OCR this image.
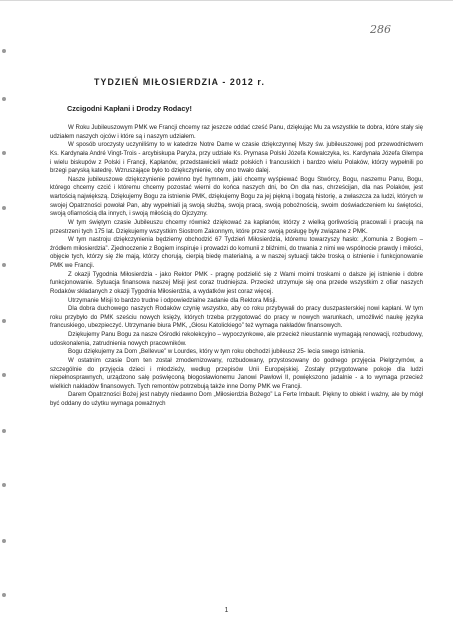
286
TYDZIEŃ MIŁOSIERDZIA - 2012 r.
Czcigodni Kapłani i Drodzy Rodacy!

W Roku Jubileuszowym PMK we Francji chcemy raz jeszcze oddać cześć Panu, dziękując Mu za wszystkie te dobra, które stały się udziałem naszych ojców i które są i naszym udziałem.

W sposób uroczysty uczyniliśmy to w katedrze Notre Dame w czasie dziękczynnej Mszy św. jubileuszowej pod przewodnictwem Ks. Kardynała André Vingt-Trois - arcybiskupa Paryża, przy udziale Ks. Prymasa Polski Józefa Kowalczyka, ks. Kardynała Józefa Glempa i wielu biskupów z Polski i Francji, Kapłanów, przedstawicieli władz polskich i francuskich i bardzo wielu Polaków, którzy wypełnili po brzegi paryską katedrę. Wzruszające było to dziękczynienie, oby ono trwało dalej.

Nasze jubileuszowe dziękczynienie powinno być hymnem, jaki chcemy wyśpiewać Bogu Stwórcy, Bogu, naszemu Panu, Bogu, którego chcemy czcić i któremu chcemy pozostać wierni do końca naszych dni, bo On dla nas, chrześcijan, dla nas Polaków, jest wartością największą. Dziękujemy Bogu za istnienie PMK, dziękujemy Bogu za jej piękną i bogatą historię, a zwłaszcza za ludzi, których w swojej Opatrzności powołał Pan, aby wypełniali ją swoją służbą, swoją pracą, swoją pobożnością, swoim doświadczeniem ku świętości, swoją ofiarnością dla innych, i swoją miłością do Ojczyzny.

W tym świętym czasie Jubileuszu chcemy również dziękować za kapłanów, którzy z wielką gorliwością pracowali i pracują na przestrzeni tych 175 lat. Dziękujemy wszystkim Siostrom Zakonnym, które przez swoją posługę były związane z PMK.

W tym nastroju dziękczynienia będziemy obchodzić 67 Tydzień Miłosierdzia, któremu towarzyszy hasło: „Komunia z Bogiem – źródłem miłosierdzia”. Zjednoczenie z Bogiem inspiruje i prowadzi do komunii z bliźnimi, do trwania z nimi we wspólnocie prawdy i miłości, objęcie tych, którzy się źle mają, którzy chorują, cierpią biedę materialną, a w naszej sytuacji także troską o istnienie i funkcjonowanie PMK we Francji.

Z okazji Tygodnia Miłosierdzia - jako Rektor PMK - pragnę podzielić się z Wami moimi troskami o dalsze jej istnienie i dobre funkcjonowanie. Sytuacja finansowa naszej Misji jest coraz trudniejsza. Przecież utrzymuje się ona przede wszystkim z ofiar naszych Rodaków składanych z okazji Tygodnia Miłosierdzia, a wydatków jest coraz więcej.

Utrzymanie Misji to bardzo trudne i odpowiedzialne zadanie dla Rektora Misji.

Dla dobra duchowego naszych Rodaków czynię wszystko, aby co roku przybywali do pracy duszpasterskiej nowi kapłani. W tym roku przybyło do PMK sześciu nowych księży, których trzeba przygotować do pracy w nowych warunkach, umożliwić naukę języka francuskiego, ubezpieczyć. Utrzymanie biura PMK, „Głosu Katolickiego” też wymaga nakładów finansowych.

Dziękujemy Panu Bogu za nasze Ośrodki rekolekcyjno – wypoczynkowe, ale przecież nieustannie wymagają renowacji, rozbudowy, udoskonalenia, zatrudnienia nowych pracowników.

Bogu dziękujemy za Dom „Bellevue” w Lourdes, który w tym roku obchodzi jubileusz 25- lecia swego istnienia.

W ostatnim czasie Dom ten został zmodernizowany, rozbudowany, przystosowany do godnego przyjęcia Pielgrzymów, a szczególnie do przyjęcia dzieci i młodzieży, według przepisów Unii Europejskiej. Zostały przygotowane pokoje dla ludzi niepełnosprawnych, urządzono salę poświęconą błogosławionemu Janowi Pawłowi II, powiększono jadalnie - a to wymaga przecież wielkich nakładów finansowych. Tych remontów potrzebują także inne Domy PMK we Francji.

Darem Opatrzności Bożej jest nabyty niedawno Dom „Miłosierdzia Bożego” La Ferte Imbault. Piękny to obiekt i ważny, ale by mógł być oddany do użytku wymaga poważnych

1
